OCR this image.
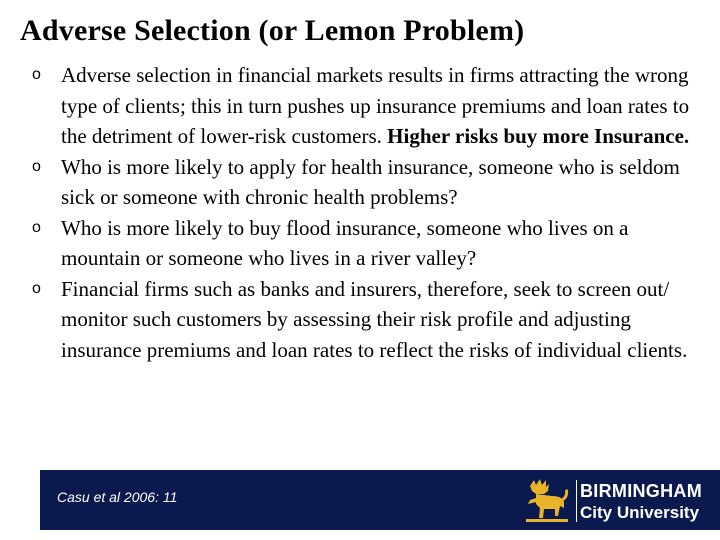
Adverse Selection (or Lemon Problem)
o Adverse selection in financial markets results in firms attracting the wrong type of clients; this in turn pushes up insurance premiums and loan rates to the detriment of lower-risk customers. Higher risks buy more Insurance.
o Who is more likely to apply for health insurance, someone who is seldom sick or someone with chronic health problems?
o Who is more likely to buy flood insurance, someone who lives on a mountain or someone who lives in a river valley?
o Financial firms such as banks and insurers, therefore, seek to screen out/ monitor such customers by assessing their risk profile and adjusting insurance premiums and loan rates to reflect the risks of individual clients.
Casu et al 2006: 11	BIRMINGHAM
City University
